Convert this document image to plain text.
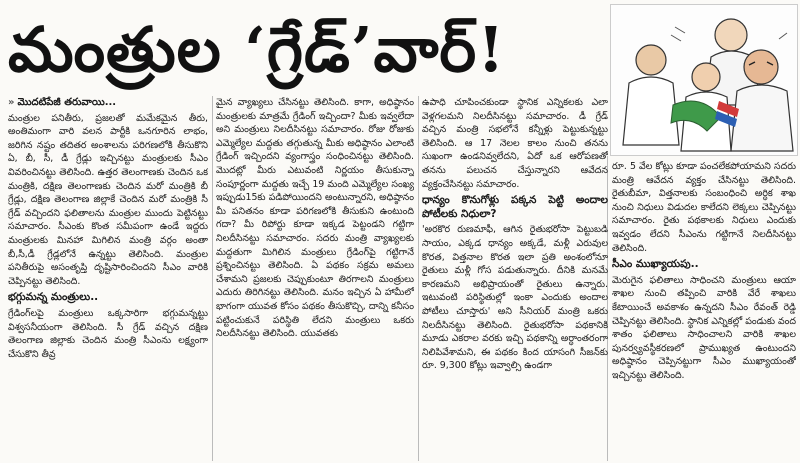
మంత్రుల ‘గ్రేడ్’వార్!
» మొదటిపేజీ తరువాయి...

మంత్రుల పనితీరు, ప్రజలతో మమేకమైన తీరు, అంతిమంగా వారి వలన పార్టీకి ఒనగూరిన లాభం, జరిగిన నష్టం తదితర అంశాలను పరిగణలోకి తీసుకొని ఏ, బీ, సీ, డీ గ్రేడ్లు ఇచ్చినట్టు మంత్రులకు సీఎం వివరించినట్టు తెలిసింది. ఉత్తర తెలంగాణకు చెందిన ఒక మంత్రికి, దక్షిణ తెలంగాణకు చెందిన మరో మంత్రికి బీ గ్రేడ్లు, దక్షిణ తెలంగాణ జిల్లాకే చెందిన మరో మంత్రికి సీ గ్రేడ్ వచ్చిందని ఫలితాలను మంత్రుల ముందు పెట్టినట్టు సమాచారం. సీఎంకు కొంత సమీపంగా ఉండే ఇద్దరు మంత్రులకు మినహా మిగిలిన మంత్రి వర్గం అంతా బీ,సీ,డీ గ్రేడ్లలోనే ఉన్నట్టు తెలిసింది. మంత్రుల పనితీరుపై అసంతృప్తి దృష్టిసారించిందని సీఎం వారికి చెప్పినట్టు తెలిసింది.

భగ్గుమన్న మంత్రులు..

గ్రేడింగ్‌లపై మంత్రులు ఒక్కసారిగా భగ్గుమన్నట్టు విశ్వసనీయంగా తెలిసింది. సీ గ్రేడ్ వచ్చిన దక్షిణ తెలంగాణ జిల్లాకు చెందిన మంత్రి సీఎంను లక్ష్యంగా చేసుకొని తీవ్ర

మైన వ్యాఖ్యలు చేసినట్టు తెలిసింది. కాగా, అధిష్ఠానం మంత్రులకు మాత్రమే గ్రేడింగ్ ఇచ్చిందా? మీకు ఇవ్వలేదా అని మంత్రులు నిలదీసినట్టు సమాచారం. రోజు రోజుకు ఎమ్మెల్యేల మద్దతు తగ్గుతున్న మీకు అధిష్ఠానం ఎలాంటి గ్రేడింగ్ ఇచ్చిందని వ్యంగాస్త్రం సంధించినట్టు తెలిసింది. మొదట్లో మీరు ఎటువంటి నిర్ణయం తీసుకున్నా సంపూర్ణంగా మద్దతు ఇచ్చే 19 మంది ఎమ్మెల్యేల సంఖ్య ఇప్పుడు15కు పడిపోయిందని అంటున్నారని, అధిష్ఠానం మీ పనితనం కూడా పరిగణలోకి తీసుకుని ఉంటుంది గదా? మీ రిపోర్టు కూడా ఇక్కడ పెట్టండని గట్టిగా నిలదీసినట్టు సమాచారం. సదరు మంత్రి వ్యాఖ్యలకు మద్దతుగా మిగిలిన మంత్రులు గ్రేడింగ్‌పై గట్టిగానే ప్రశ్నించినట్టు తెలిసింది. ఏ పథకం సక్రమ అమలు చేశామని ప్రజలకు చెప్పుకుంటూ తిరగాలని మంత్రులు ఎదురు తిరిగినట్టు తెలిసింది. మనం ఇచ్చిన ఏ హామీలో భాగంగా యువత కోసం పథకం తీసుకొచ్చి, దాన్ని కనీసం పట్టించుకునే పరిస్థితి లేదని మంత్రులు ఒకరు నిలదీసినట్టు తెలిసింది. యువతకు

ఉపాధి చూపించకుండా స్థానిక ఎన్నికలకు ఎలా వెళ్లగలమని నిలదీసినట్టు సమాచారం. డీ గ్రేడ్ వచ్చిన మంత్రి సభలోనే కన్నీళ్లు పెట్టుకున్నట్టు తెలిసింది. ఆ 17 నెలల కాలం నుంచి తనను సుఖంగా ఉండనివ్వలేదని, ఏదో ఒక ఆరోపణతో తనను పలుచన చేస్తున్నారని ఆవేదన వ్యక్తంచేసినట్టు సమాచారం.

ధాన్యం కొనుగోళ్లు పక్కన పెట్టి అందాల పోటీలకు నిధులా?

'అరకొర రుణమాఫీ, ఆగిన రైతుభరోసా పెట్టుబడి సాయం, ఎక్కడ ధాన్యం అక్కడే, మళ్లీ ఎరువుల కొరత, విత్తనాల కొరత ఇలా ప్రతి అంశంలోనూ రైతులు మళ్లీ గోస పడుతున్నారు. దీనికి మనమే కారణమని అభిప్రాయంతో రైతులు ఉన్నారు. ఇటువంటి పరిస్థితుల్లో ఇంకా ఎందుకు అందాల పోటీలు చూస్తారు' అని సీనియర్ మంత్రి ఒకరు నిలదీసినట్టు తెలిసింది. రైతుభరోసా పథకానికి మూడు ఎకరాల వరకు ఇచ్చి పథకాన్ని అర్ధాంతరంగా నిలిపివేశామని, ఈ పథకం కింద యాసంగి సీజన్‌కు రూ. 9,300 కోట్లు ఇవ్వాల్సి ఉండగా

రూ. 5 వేల కోట్లు కూడా పంచలేకపోయామని సదరు మంత్రి ఆవేదన వ్యక్తం చేసినట్టు తెలిసింది. రైతుబీమా, విత్తనాలకు సంబంధించి అర్ధిక శాఖ నుంచి నిధులు విడుదల కాలేదని లెక్కలు చెప్పినట్టు సమాచారం. రైతు పథకాలకు నిధులు ఎందుకు ఇవ్వడం లేదని సీఎంను గట్టిగానే నిలదీసినట్టు తెలిసింది.

సీఎం ముఖ్యాయపు..

మెరుగైన ఫలితాలు సాధించని మంత్రులు ఆయా శాఖల నుంచి తప్పించి వారికి వేరే శాఖలు కేటాయించే అవకాశం ఉన్నదని సీఎం రేవంత్ రెడ్డి చెప్పినట్టు తెలిసింది. స్థానిక ఎన్నికల్లో పండుకు వంద శాతం ఫలితాలు సాధించాలని వారికి శాఖల పునర్వ్యవస్థీకరణలో ప్రాముఖ్యత ఉంటుందని అధిష్ఠానం చెప్పినట్టుగా సీఎం ముఖ్యాయంతో ఇచ్చినట్టు తెలిసింది.
